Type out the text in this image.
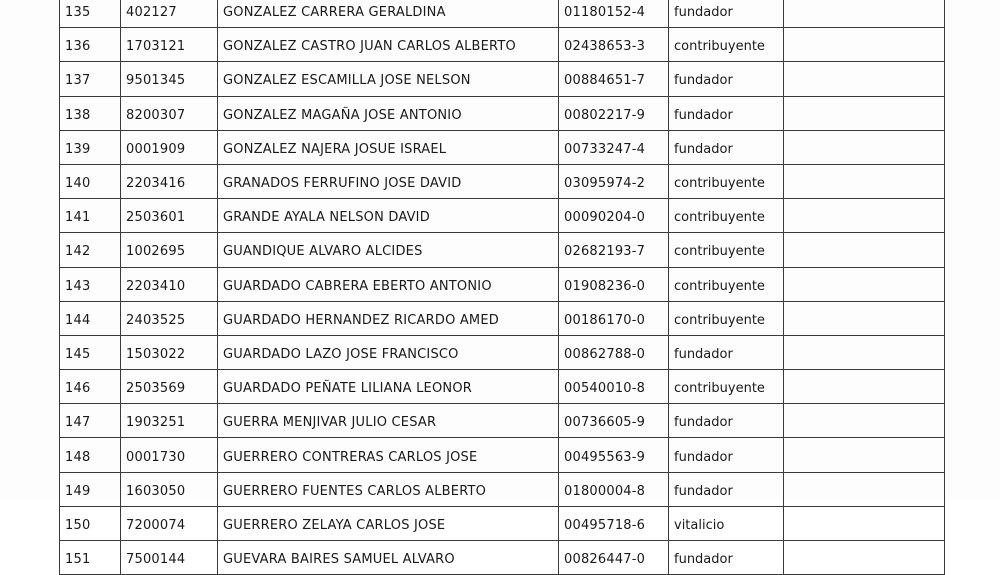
135	402127	GONZALEZ CARRERA GERALDINA	01180152-4	fundador	
136	1703121	GONZALEZ CASTRO JUAN CARLOS ALBERTO	02438653-3	contribuyente	
137	9501345	GONZALEZ ESCAMILLA JOSE NELSON	00884651-7	fundador	
138	8200307	GONZALEZ MAGAÑA JOSE ANTONIO	00802217-9	fundador	
139	0001909	GONZALEZ NAJERA JOSUE ISRAEL	00733247-4	fundador	
140	2203416	GRANADOS FERRUFINO JOSE DAVID	03095974-2	contribuyente	
141	2503601	GRANDE AYALA NELSON DAVID	00090204-0	contribuyente	
142	1002695	GUANDIQUE ALVARO ALCIDES	02682193-7	contribuyente	
143	2203410	GUARDADO CABRERA EBERTO ANTONIO	01908236-0	contribuyente	
144	2403525	GUARDADO HERNANDEZ RICARDO AMED	00186170-0	contribuyente	
145	1503022	GUARDADO LAZO JOSE FRANCISCO	00862788-0	fundador	
146	2503569	GUARDADO PEÑATE LILIANA LEONOR	00540010-8	contribuyente	
147	1903251	GUERRA MENJIVAR JULIO CESAR	00736605-9	fundador	
148	0001730	GUERRERO CONTRERAS CARLOS JOSE	00495563-9	fundador	
149	1603050	GUERRERO FUENTES CARLOS ALBERTO	01800004-8	fundador	
150	7200074	GUERRERO ZELAYA CARLOS JOSE	00495718-6	vitalicio	
151	7500144	GUEVARA BAIRES SAMUEL ALVARO	00826447-0	fundador	
